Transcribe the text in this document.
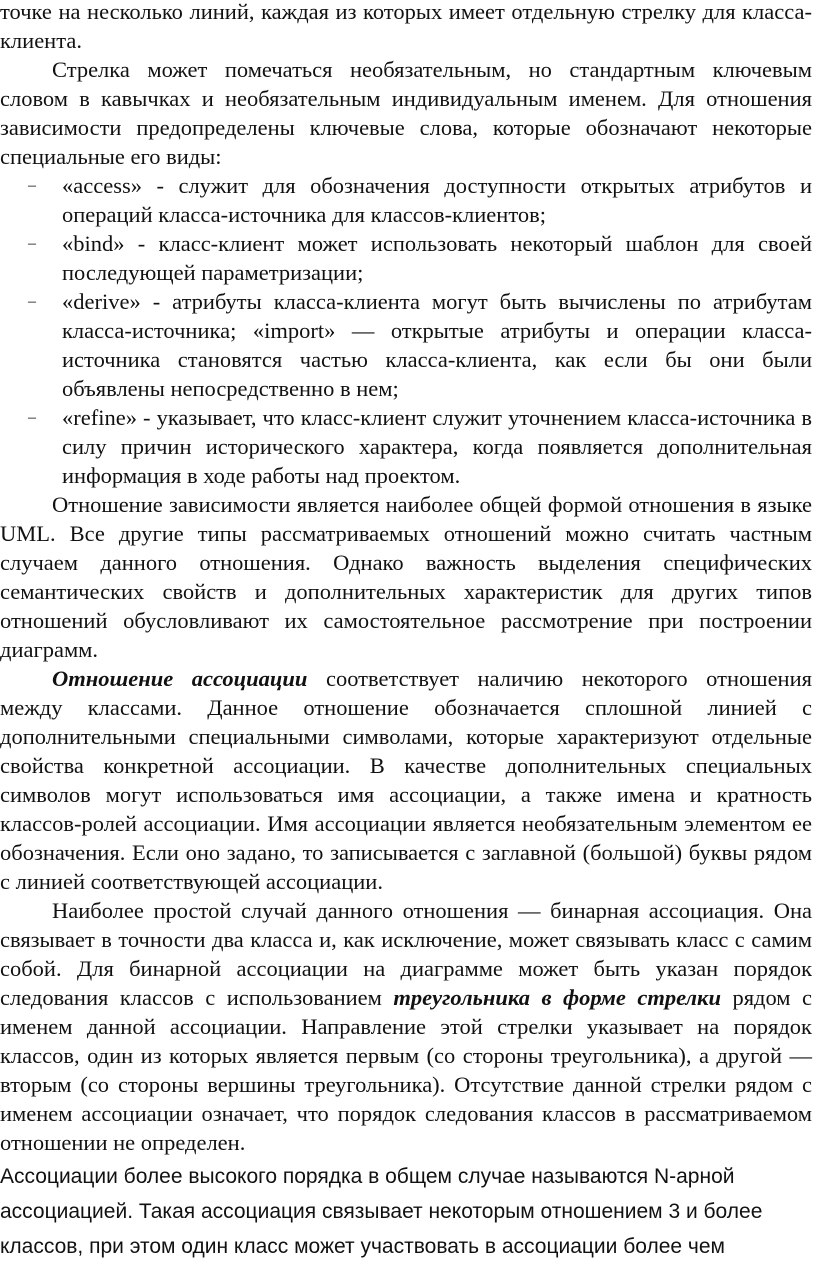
точке на несколько линий, каждая из которых имеет отдельную стрелку для класса-клиента.

Стрелка может помечаться необязательным, но стандартным ключевым словом в кавычках и необязательным индивидуальным именем. Для отношения зависимости предопределены ключевые слова, которые обозначают некоторые специальные его виды:

– «access» - служит для обозначения доступности открытых атрибутов и операций класса-источника для классов-клиентов;
– «bind» - класс-клиент может использовать некоторый шаблон для своей последующей параметризации;
– «derive» - атрибуты класса-клиента могут быть вычислены по атрибутам класса-источника; «import» — открытые атрибуты и операции класса-источника становятся частью класса-клиента, как если бы они были объявлены непосредственно в нем;
– «refine» - указывает, что класс-клиент служит уточнением класса-источника в силу причин исторического характера, когда появляется дополнительная информация в ходе работы над проектом.

Отношение зависимости является наиболее общей формой отношения в языке UML. Все другие типы рассматриваемых отношений можно считать частным случаем данного отношения. Однако важность выделения специфических семантических свойств и дополнительных характеристик для других типов отношений обусловливают их самостоятельное рассмотрение при построении диаграмм.

Отношение ассоциации соответствует наличию некоторого отношения между классами. Данное отношение обозначается сплошной линией с дополнительными специальными символами, которые характеризуют отдельные свойства конкретной ассоциации. В качестве дополнительных специальных символов могут использоваться имя ассоциации, а также имена и кратность классов-ролей ассоциации. Имя ассоциации является необязательным элементом ее обозначения. Если оно задано, то записывается с заглавной (большой) буквы рядом с линией соответствующей ассоциации.

Наиболее простой случай данного отношения — бинарная ассоциация. Она связывает в точности два класса и, как исключение, может связывать класс с самим собой. Для бинарной ассоциации на диаграмме может быть указан порядок следования классов с использованием треугольника в форме стрелки рядом с именем данной ассоциации. Направление этой стрелки указывает на порядок классов, один из которых является первым (со стороны треугольника), а другой — вторым (со стороны вершины треугольника). Отсутствие данной стрелки рядом с именем ассоциации означает, что порядок следования классов в рассматриваемом отношении не определен.

Ассоциации более высокого порядка в общем случае называются N-арной
ассоциацией. Такая ассоциация связывает некоторым отношением 3 и более
классов, при этом один класс может участвовать в ассоциации более чем
